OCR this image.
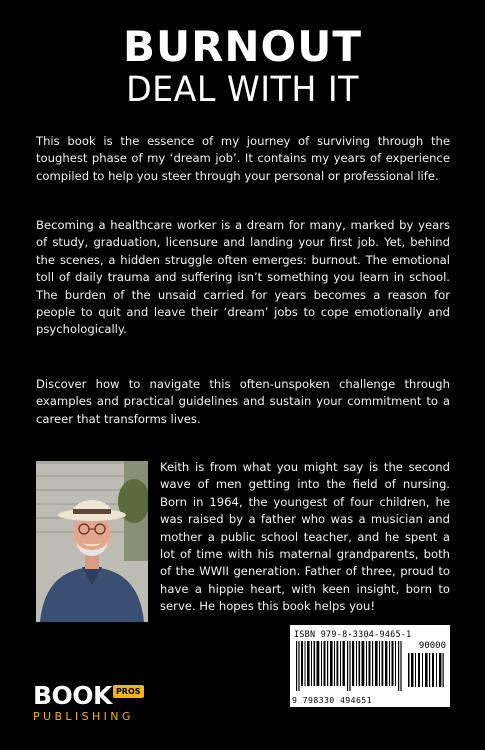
BURNOUT
DEAL WITH IT

This book is the essence of my journey of surviving through the toughest phase of my ‘dream job’. It contains my years of experience compiled to help you steer through your personal or professional life.

Becoming a healthcare worker is a dream for many, marked by years of study, graduation, licensure and landing your first job. Yet, behind the scenes, a hidden struggle often emerges: burnout. The emotional toll of daily trauma and suffering isn’t something you learn in school. The burden of the unsaid carried for years becomes a reason for people to quit and leave their ‘dream’ jobs to cope emotionally and psychologically.

Discover how to navigate this often-unspoken challenge through examples and practical guidelines and sustain your commitment to a career that transforms lives.

Keith is from what you might say is the second wave of men getting into the field of nursing. Born in 1964, the youngest of four children, he was raised by a father who was a musician and mother a public school teacher, and he spent a lot of time with his maternal grandparents, both of the WWII generation. Father of three, proud to have a hippie heart, with keen insight, born to serve. He hopes this book helps you!

ISBN 979-8-3304-9465-1
90000
9 798330 494651
BOOK PROS
PUBLISHING
